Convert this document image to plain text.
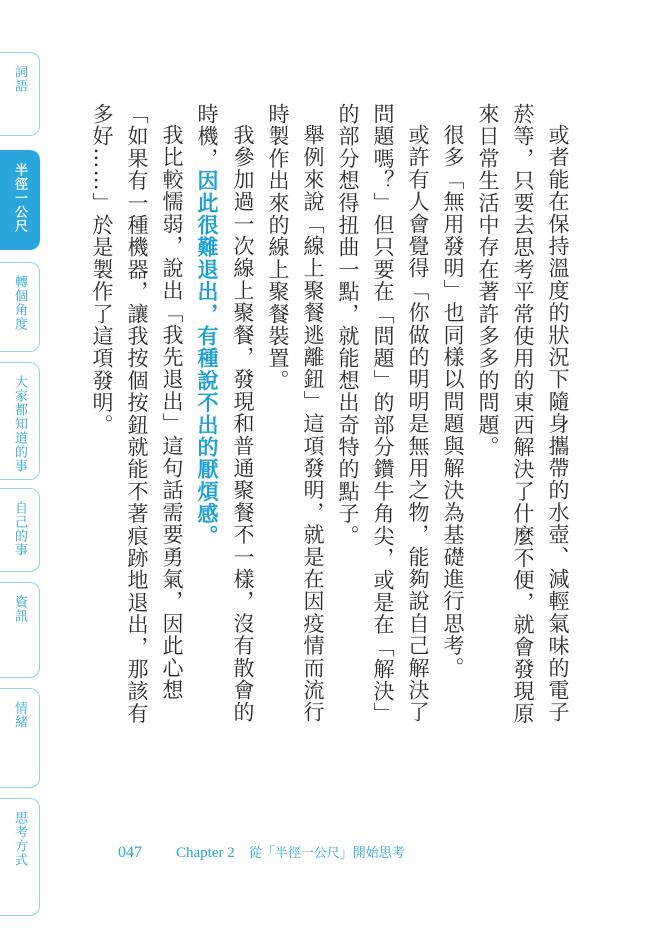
詞語
半徑一公尺
轉個角度
大家都知道的事
自己的事
資訊
情緒
思考方式

或者能在保持溫度的狀況下隨身攜帶的水壺、減輕氣味的電子菸等，只要去思考平常使用的東西解決了什麼不便，就會發現原來日常生活中存在著許多多的問題。

很多「無用發明」也同樣以問題與解決為基礎進行思考。

或許有人會覺得「你做的明明是無用之物，能夠說自己解決了問題嗎？」但只要在「問題」的部分鑽牛角尖，或是在「解決」的部分想得扭曲一點，就能想出奇特的點子。

舉例來說「線上聚餐逃離鈕」這項發明，就是在因疫情而流行時製作出來的線上聚餐裝置。

我參加過一次線上聚餐，發現和普通聚餐不一樣，沒有散會的時機，因此很難退出，有種說不出的厭煩感。

我比較懦弱，說出「我先退出」這句話需要勇氣，因此心想「如果有一種機器，讓我按個按鈕就能不著痕跡地退出，那該有多好……」於是製作了這項發明。

047 Chapter 2 從「半徑一公尺」開始思考
